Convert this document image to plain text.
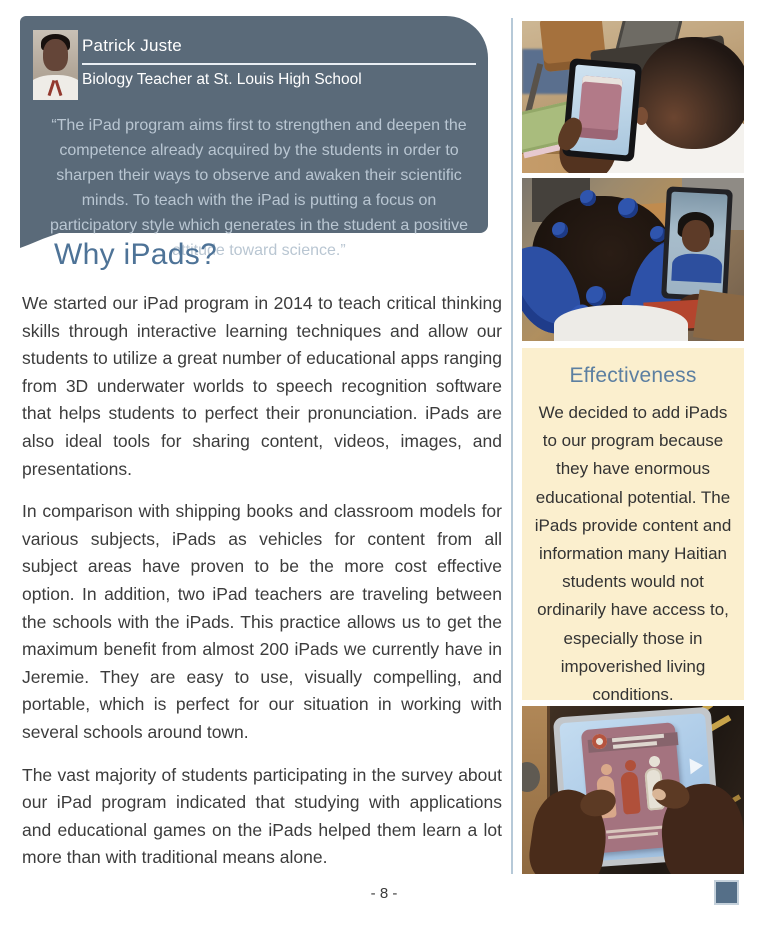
Patrick Juste
Biology Teacher at St. Louis High School

“The iPad program aims first to strengthen and deepen the competence already acquired by the students in order to sharpen their ways to observe and awaken their scientific minds. To teach with the iPad is putting a focus on participatory style which generates in the student a positive attitude toward science.”

Why iPads?

We started our iPad program in 2014 to teach critical thinking skills through interactive learning techniques and allow our students to utilize a great number of educational apps ranging from 3D underwater worlds to speech recognition software that helps students to perfect their pronunciation. iPads are also ideal tools for sharing content, videos, images, and presentations.

In comparison with shipping books and classroom models for various subjects, iPads as vehicles for content from all subject areas have proven to be the more cost effective option. In addition, two iPad teachers are traveling between the schools with the iPads. This practice allows us to get the maximum benefit from almost 200 iPads we currently have in Jeremie. They are easy to use, visually compelling, and portable, which is perfect for our situation in working with several schools around town.

The vast majority of students participating in the survey about our iPad program indicated that studying with applications and educational games on the iPads helped them learn a lot more than with traditional means alone.

- 8 -
Effectiveness

We decided to add iPads to our program because they have enormous educational potential. The iPads provide content and information many Haitian students would not ordinarily have access to, especially those in impoverished living conditions.
